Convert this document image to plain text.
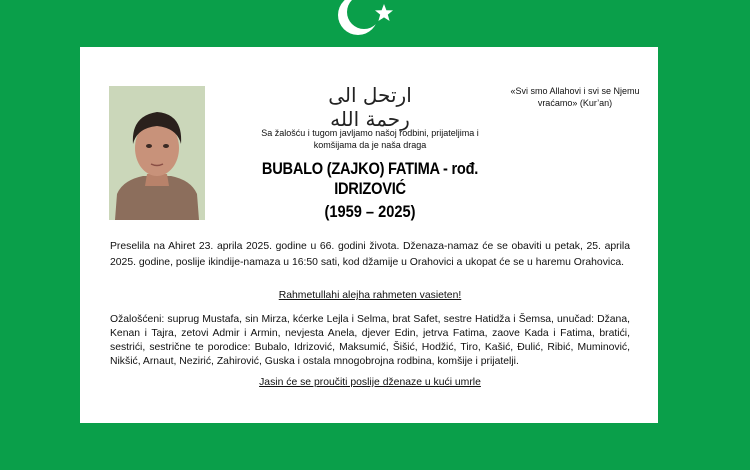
ارتحل الى رحمة الله
«Svi smo Allahovi i svi se Njemu vraćamo» (Kur’an)
Sa žalošću i tugom javljamo našoj rodbini, prijateljima i komšijama da je naša draga
BUBALO (ZAJKO) FATIMA - rođ. IDRIZOVIĆ
(1959 – 2025)

Preselila na Ahiret 23. aprila 2025. godine u 66. godini života. Dženaza-namaz će se obaviti u petak, 25. aprila 2025. godine, poslije ikindije-namaza u 16:50 sati, kod džamije u Orahovici a ukopat će se u haremu Orahovica.

Rahmetullahi alejha rahmeten vasieten!

Ožalošćeni: suprug Mustafa, sin Mirza, kćerke Lejla i Selma, brat Safet, sestre Hatidža i Šemsa, unučad: Džana, Kenan i Tajra, zetovi Admir i Armin, nevjesta Anela, djever Edin, jetrva Fatima, zaove Kada i Fatima, bratići, sestrići, sestrične te porodice: Bubalo, Idrizović, Maksumić, Šišić, Hodžić, Tiro, Kašić, Đulić, Ribić, Muminović, Nikšić, Arnaut, Nezirić, Zahirović, Guska i ostala mnogobrojna rodbina, komšije i prijatelji.

Jasin će se proučiti poslije dženaze u kući umrle
